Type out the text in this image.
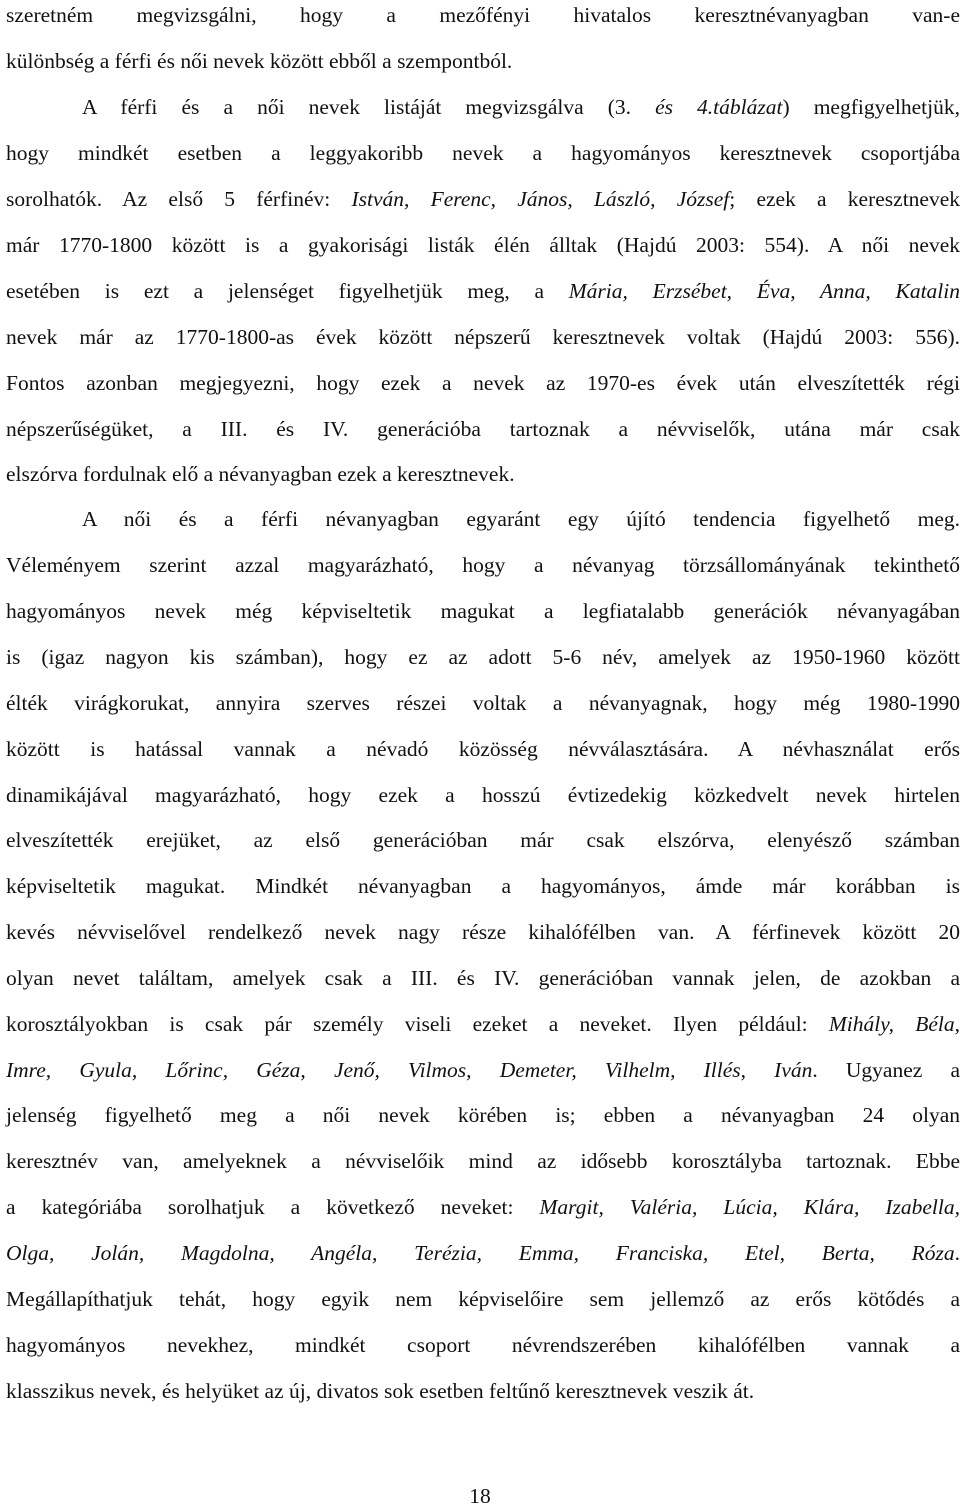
szeretném megvizsgálni, hogy a mezőfényi hivatalos keresztnévanyagban van-e
különbség a férfi és női nevek között ebből a szempontból.
A férfi és a női nevek listáját megvizsgálva (3. és 4.táblázat) megfigyelhetjük,
hogy mindkét esetben a leggyakoribb nevek a hagyományos keresztnevek csoportjába
sorolhatók. Az első 5 férfinév: István, Ferenc, János, László, József; ezek a keresztnevek
már 1770-1800 között is a gyakorisági listák élén álltak (Hajdú 2003: 554). A női nevek
esetében is ezt a jelenséget figyelhetjük meg, a Mária, Erzsébet, Éva, Anna, Katalin
nevek már az 1770-1800-as évek között népszerű keresztnevek voltak (Hajdú 2003: 556).
Fontos azonban megjegyezni, hogy ezek a nevek az 1970-es évek után elveszítették régi
népszerűségüket, a III. és IV. generációba tartoznak a névviselők, utána már csak
elszórva fordulnak elő a névanyagban ezek a keresztnevek.
A női és a férfi névanyagban egyaránt egy újító tendencia figyelhető meg.
Véleményem szerint azzal magyarázható, hogy a névanyag törzsállományának tekinthető
hagyományos nevek még képviseltetik magukat a legfiatalabb generációk névanyagában
is (igaz nagyon kis számban), hogy ez az adott 5-6 név, amelyek az 1950-1960 között
élték virágkorukat, annyira szerves részei voltak a névanyagnak, hogy még 1980-1990
között is hatással vannak a névadó közösség névválasztására. A névhasználat erős
dinamikájával magyarázható, hogy ezek a hosszú évtizedekig közkedvelt nevek hirtelen
elveszítették erejüket, az első generációban már csak elszórva, elenyésző számban
képviseltetik magukat. Mindkét névanyagban a hagyományos, ámde már korábban is
kevés névviselővel rendelkező nevek nagy része kihalófélben van. A férfinevek között 20
olyan nevet találtam, amelyek csak a III. és IV. generációban vannak jelen, de azokban a
korosztályokban is csak pár személy viseli ezeket a neveket. Ilyen például: Mihály, Béla,
Imre, Gyula, Lőrinc, Géza, Jenő, Vilmos, Demeter, Vilhelm, Illés, Iván. Ugyanez a
jelenség figyelhető meg a női nevek körében is; ebben a névanyagban 24 olyan
keresztnév van, amelyeknek a névviselőik mind az idősebb korosztályba tartoznak. Ebbe
a kategóriába sorolhatjuk a következő neveket: Margit, Valéria, Lúcia, Klára, Izabella,
Olga, Jolán, Magdolna, Angéla, Terézia, Emma, Franciska, Etel, Berta, Róza.
Megállapíthatjuk tehát, hogy egyik nem képviselőire sem jellemző az erős kötődés a
hagyományos nevekhez, mindkét csoport névrendszerében kihalófélben vannak a
klasszikus nevek, és helyüket az új, divatos sok esetben feltűnő keresztnevek veszik át.
18
